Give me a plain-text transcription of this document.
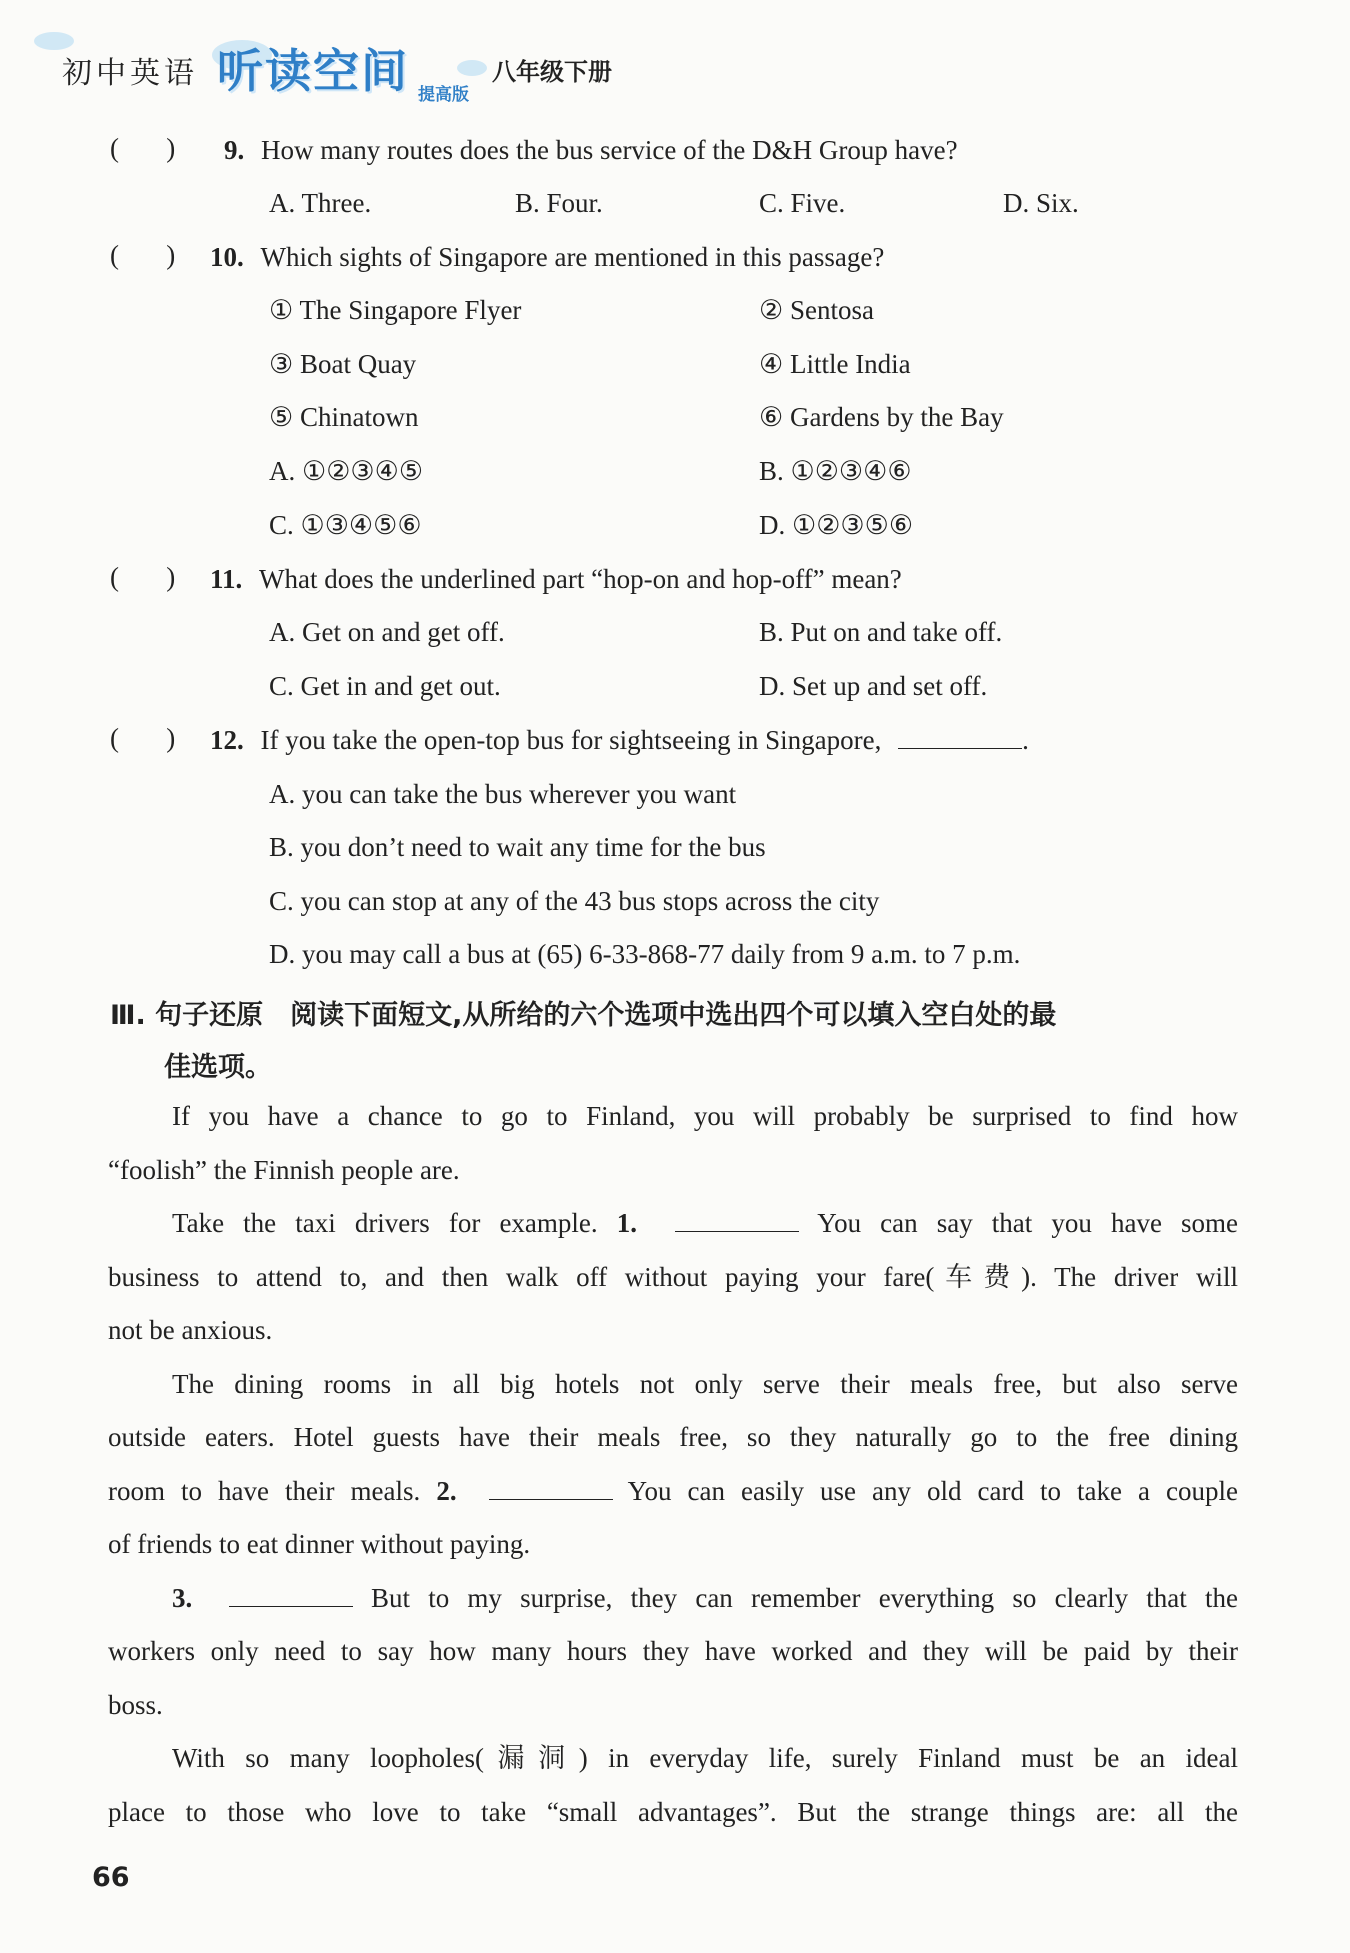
初中英语 听读空间 提高版
八年级下册
(       ) 9. How many routes does the bus service of the D&H Group have?
A. Three.	B. Four.	C. Five.	D. Six.
(       ) 10. Which sights of Singapore are mentioned in this passage?
① The Singapore Flyer	② Sentosa
③ Boat Quay	④ Little India
⑤ Chinatown	⑥ Gardens by the Bay
A. ①②③④⑤	B. ①②③④⑥
C. ①③④⑤⑥	D. ①②③⑤⑥
(       ) 11. What does the underlined part “hop-on and hop-off” mean?
A. Get on and get off.	B. Put on and take off.
C. Get in and get out.	D. Set up and set off.
(       ) 12. If you take the open-top bus for sightseeing in Singapore,	.
A. you can take the bus wherever you want
B. you don’t need to wait any time for the bus
C. you can stop at any of the 43 bus stops across the city
D. you may call a bus at (65) 6-33-868-77 daily from 9 a.m. to 7 p.m.
Ⅲ. 句子还原　阅读下面短文,从所给的六个选项中选出四个可以填入空白处的最
佳选项。
If you have a chance to go to Finland, you will probably be surprised to find how
“foolish” the Finnish people are.
Take the taxi drivers for example. 1.	You can say that you have some
business to attend to, and then walk off without paying your fare(车费). The driver will
not be anxious.
The dining rooms in all big hotels not only serve their meals free, but also serve
outside eaters. Hotel guests have their meals free, so they naturally go to the free dining
room to have their meals. 2.	You can easily use any old card to take a couple
of friends to eat dinner without paying.
3.	But to my surprise, they can remember everything so clearly that the
workers only need to say how many hours they have worked and they will be paid by their
boss.
With so many loopholes(漏洞) in everyday life, surely Finland must be an ideal
place to those who love to take “small advantages”. But the strange things are: all the
66
